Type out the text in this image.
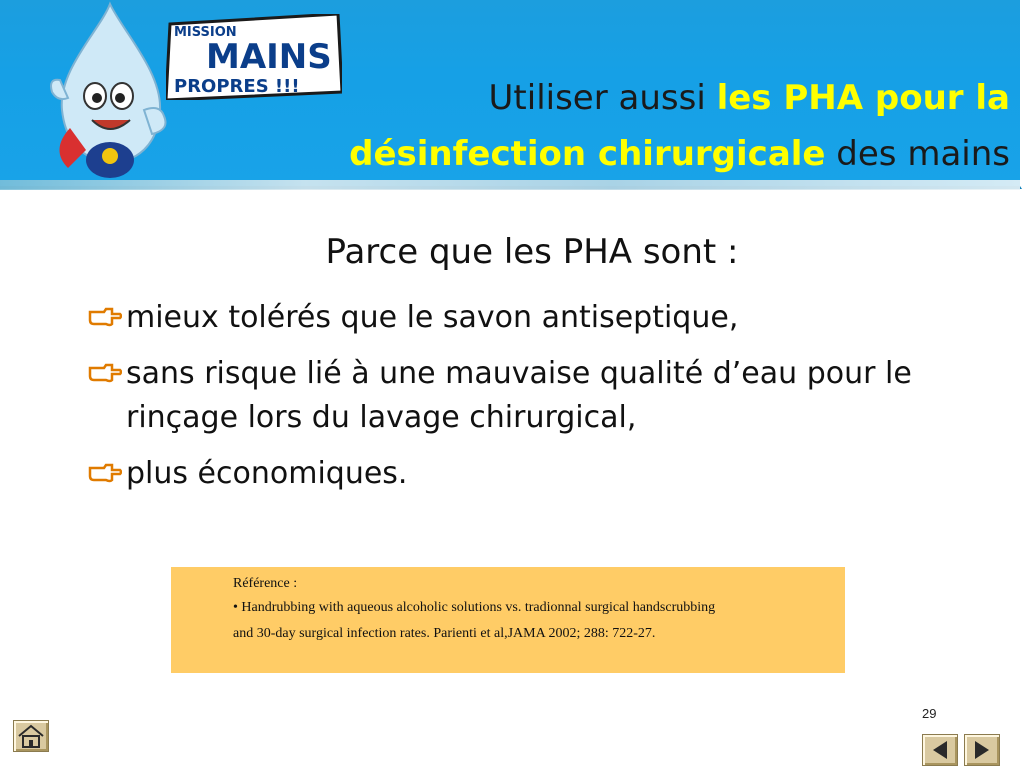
MISSION
MAINS
PROPRES !!!	Utiliser aussi les PHA pour la
désinfection chirurgicale des mains
Parce que les PHA sont :
mieux tolérés que le savon antiseptique,
sans risque lié à une mauvaise qualité d’eau pour le rinçage lors du lavage chirurgical,
plus économiques.
Référence :
• Handrubbing with aqueous alcoholic solutions vs. tradionnal surgical handscrubbing
and 30-day surgical infection rates. Parienti et al,JAMA 2002; 288: 722-27.
29
